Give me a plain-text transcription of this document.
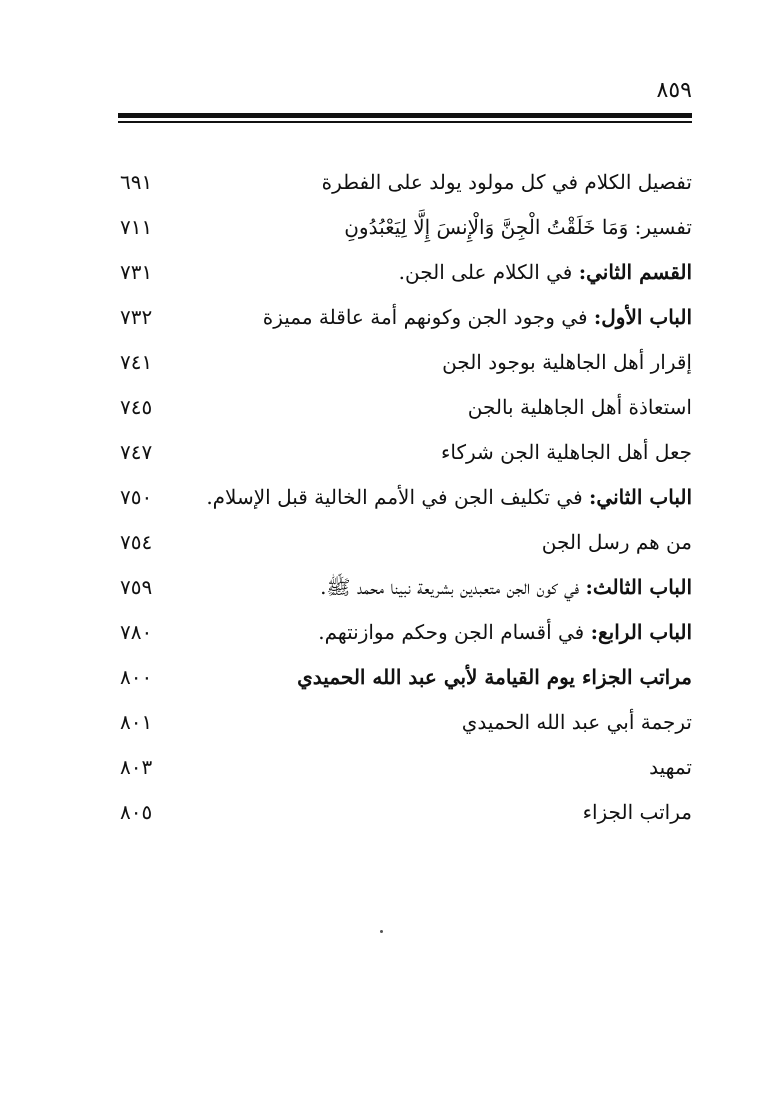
٨٥٩
تفصيل الكلام في كل مولود يولد على الفطرة
٦٩١
تفسير: وَمَا خَلَقْتُ الْجِنَّ وَالْإِنسَ إِلَّا لِيَعْبُدُونِ
٧١١
القسم الثاني: في الكلام على الجن.
٧٣١
الباب الأول: في وجود الجن وكونهم أمة عاقلة مميزة
٧٣٢
إقرار أهل الجاهلية بوجود الجن
٧٤١
استعاذة أهل الجاهلية بالجن
٧٤٥
جعل أهل الجاهلية الجن شركاء
٧٤٧
الباب الثاني: في تكليف الجن في الأمم الخالية قبل الإسلام.
٧٥٠
من هم رسل الجن
٧٥٤
الباب الثالث: في كون الجن متعبدين بشريعة نبينا محمد ﷺ.
٧٥٩
الباب الرابع: في أقسام الجن وحكم موازنتهم.
٧٨٠
مراتب الجزاء يوم القيامة لأبي عبد الله الحميدي
٨٠٠
ترجمة أبي عبد الله الحميدي
٨٠١
تمهيد
٨٠٣
مراتب الجزاء
٨٠٥
